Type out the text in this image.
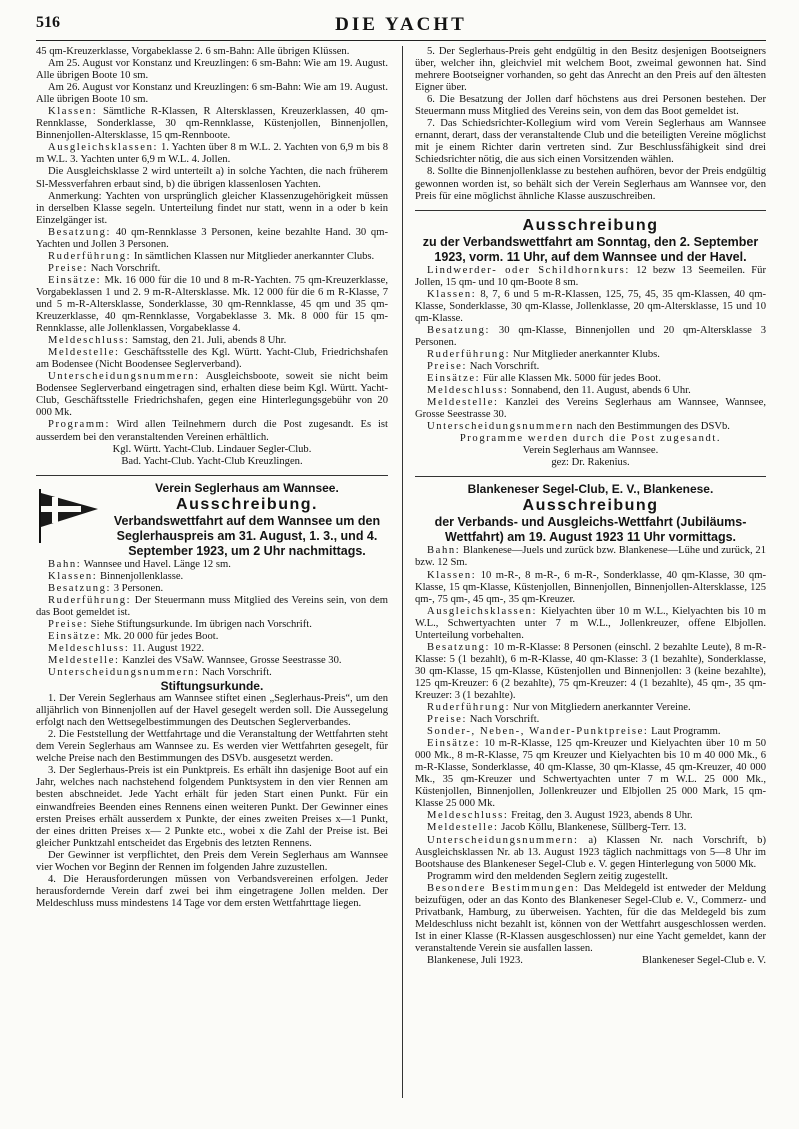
516	DIE YACHT

45 qm-Kreuzerklasse, Vorgabeklasse 2. 6 sm-Bahn: Alle übrigen Klüssen.

Am 25. August vor Konstanz und Kreuzlingen: 6 sm-Bahn: Wie am 19. August. Alle übrigen Boote 10 sm.

Am 26. August vor Konstanz und Kreuzlingen: 6 sm-Bahn: Wie am 19. August. Alle übrigen Boote 10 sm.

Klassen: Sämtliche R-Klassen, R Altersklassen, Kreuzerklassen, 40 qm-Rennklasse, Sonderklasse, 30 qm-Rennklasse, Küstenjollen, Binnenjollen, Binnenjollen-Altersklasse, 15 qm-Rennboote.

Ausgleichsklassen: 1. Yachten über 8 m W.L. 2. Yachten von 6,9 m bis 8 m W.L. 3. Yachten unter 6,9 m W.L. 4. Jollen.

Die Ausgleichsklasse 2 wird unterteilt a) in solche Yachten, die nach früherem Sl-Messverfahren erbaut sind, b) die übrigen klassenlosen Yachten.

Anmerkung: Yachten von ursprünglich gleicher Klassenzugehörigkeit müssen in derselben Klasse segeln. Unterteilung findet nur statt, wenn in a oder b kein Einzelgänger ist.

Besatzung: 40 qm-Rennklasse 3 Personen, keine bezahlte Hand. 30 qm-Yachten und Jollen 3 Personen.

Ruderführung: In sämtlichen Klassen nur Mitglieder anerkannter Clubs.

Preise: Nach Vorschrift.

Einsätze: Mk. 16 000 für die 10 und 8 m-R-Yachten. 75 qm-Kreuzerklasse, Vorgabeklassen 1 und 2. 9 m-R-Altersklasse. Mk. 12 000 für die 6 m R-Klasse, 7 und 5 m-R-Altersklasse, Sonderklasse, 30 qm-Rennklasse, 45 qm und 35 qm-Kreuzerklasse, 40 qm-Rennklasse, Vorgabeklasse 3. Mk. 8 000 für 15 qm-Rennklasse, alle Jollenklassen, Vorgabeklasse 4.

Meldeschluss: Samstag, den 21. Juli, abends 8 Uhr.

Meldestelle: Geschäftsstelle des Kgl. Württ. Yacht-Club, Friedrichshafen am Bodensee (Nicht Boodensee Seglerverband).

Unterscheidungsnummern: Ausgleichsboote, soweit sie nicht beim Bodensee Seglerverband eingetragen sind, erhalten diese beim Kgl. Württ. Yacht-Club, Geschäftsstelle Friedrichshafen, gegen eine Hinterlegungsgebühr von 20 000 Mk.

Programm: Wird allen Teilnehmern durch die Post zugesandt. Es ist ausserdem bei den veranstaltenden Vereinen erhältlich.

Kgl. Württ. Yacht-Club. Lindauer Segler-Club.

Bad. Yacht-Club. Yacht-Club Kreuzlingen.

Verein Seglerhaus am Wannsee.
Ausschreibung.
Verbandswettfahrt auf dem Wannsee um den Seglerhauspreis am 31. August, 1. 3., und 4. September 1923, um 2 Uhr nachmittags.

Bahn: Wannsee und Havel. Länge 12 sm.

Klassen: Binnenjollenklasse.

Besatzung: 3 Personen.

Ruderführung: Der Steuermann muss Mitglied des Vereins sein, von dem das Boot gemeldet ist.

Preise: Siehe Stiftungsurkunde. Im übrigen nach Vorschrift.

Einsätze: Mk. 20 000 für jedes Boot.

Meldeschluss: 11. August 1922.

Meldestelle: Kanzlei des VSaW. Wannsee, Grosse Seestrasse 30.

Unterscheidungsnummern: Nach Vorschrift.

Stiftungsurkunde.

1. Der Verein Seglerhaus am Wannsee stiftet einen „Seglerhaus-Preis“, um den alljährlich von Binnenjollen auf der Havel gesegelt werden soll. Die Aussegelung erfolgt nach den Wettsegelbestimmungen des Deutschen Seglerverbandes.

2. Die Feststellung der Wettfahrtage und die Veranstaltung der Wettfahrten steht dem Verein Seglerhaus am Wannsee zu. Es werden vier Wettfahrten gesegelt, für welche Preise nach den Bestimmungen des DSVb. ausgesetzt werden.

3. Der Seglerhaus-Preis ist ein Punktpreis. Es erhält ihn dasjenige Boot auf ein Jahr, welches nach nachstehend folgendem Punktsystem in den vier Rennen am besten abschneidet. Jede Yacht erhält für jeden Start einen Punkt. Für ein einwandfreies Beenden eines Rennens einen weiteren Punkt. Der Gewinner eines ersten Preises erhält ausserdem x Punkte, der eines zweiten Preises x—1 Punkt, der eines dritten Preises x— 2 Punkte etc., wobei x die Zahl der Preise ist. Bei gleicher Punktzahl entscheidet das Ergebnis des letzten Rennens.

Der Gewinner ist verpflichtet, den Preis dem Verein Seglerhaus am Wannsee vier Wochen vor Beginn der Rennen im folgenden Jahre zuzustellen.

4. Die Herausforderungen müssen von Verbandsvereinen erfolgen. Jeder herausfordernde Verein darf zwei bei ihm eingetragene Jollen melden. Der Meldeschluss muss mindestens 14 Tage vor dem ersten Wettfahrttage liegen.

5. Der Seglerhaus-Preis geht endgültig in den Besitz desjenigen Bootseigners über, welcher ihn, gleichviel mit welchem Boot, zweimal gewonnen hat. Sind mehrere Bootseigner vorhanden, so geht das Anrecht an den Preis auf den ältesten Eigner über.

6. Die Besatzung der Jollen darf höchstens aus drei Personen bestehen. Der Steuermann muss Mitglied des Vereins sein, von dem das Boot gemeldet ist.

7. Das Schiedsrichter-Kollegium wird vom Verein Seglerhaus am Wannsee ernannt, derart, dass der veranstaltende Club und die beteiligten Vereine möglichst mit je einem Richter darin vertreten sind. Zur Beschlussfähigkeit sind drei Schiedsrichter nötig, die aus sich einen Vorsitzenden wählen.

8. Sollte die Binnenjollenklasse zu bestehen aufhören, bevor der Preis endgültig gewonnen worden ist, so behält sich der Verein Seglerhaus am Wannsee vor, den Preis für eine möglichst ähnliche Klasse auszuschreiben.

Ausschreibung
zu der Verbandswettfahrt am Sonntag, den 2. September 1923, vorm. 11 Uhr, auf dem Wannsee und der Havel.

Lindwerder- oder Schildhornkurs: 12 bezw 13 Seemeilen. Für Jollen, 15 qm- und 10 qm-Boote 8 sm.

Klassen: 8, 7, 6 und 5 m-R-Klassen, 125, 75, 45, 35 qm-Klassen, 40 qm-Klasse, Sonderklasse, 30 qm-Klasse, Jollenklasse, 20 qm-Altersklasse, 15 und 10 qm-Klasse.

Besatzung: 30 qm-Klasse, Binnenjollen und 20 qm-Altersklasse 3 Personen.

Ruderführung: Nur Mitglieder anerkannter Klubs.

Preise: Nach Vorschrift.

Einsätze: Für alle Klassen Mk. 5000 für jedes Boot.

Meldeschluss: Sonnabend, den 11. August, abends 6 Uhr.

Meldestelle: Kanzlei des Vereins Seglerhaus am Wannsee, Wannsee, Grosse Seestrasse 30.

Unterscheidungsnummern nach den Bestimmungen des DSVb.

Programme werden durch die Post zugesandt.

Verein Seglerhaus am Wannsee.

gez: Dr. Rakenius.

Blankeneser Segel-Club, E. V., Blankenese.
Ausschreibung
der Verbands- und Ausgleichs-Wettfahrt (Jubiläums-Wettfahrt) am 19. August 1923 11 Uhr vormittags.

Bahn: Blankenese—Juels und zurück bzw. Blankenese—Lühe und zurück, 21 bzw. 12 Sm.

Klassen: 10 m-R-, 8 m-R-, 6 m-R-, Sonderklasse, 40 qm-Klasse, 30 qm-Klasse, 15 qm-Klasse, Küstenjollen, Binnenjollen, Binnenjollen-Altersklasse, 125 qm-, 75 qm-, 45 qm-, 35 qm-Kreuzer.

Ausgleichsklassen: Kielyachten über 10 m W.L., Kielyachten bis 10 m W.L., Schwertyachten unter 7 m W.L., Jollenkreuzer, offene Elbjollen. Unterteilung vorbehalten.

Besatzung: 10 m-R-Klasse: 8 Personen (einschl. 2 bezahlte Leute), 8 m-R-Klasse: 5 (1 bezahlt), 6 m-R-Klasse, 40 qm-Klasse: 3 (1 bezahlte), Sonderklasse, 30 qm-Klasse, 15 qm-Klasse, Küstenjollen und Binnenjollen: 3 (keine bezahlte), 125 qm-Kreuzer: 6 (2 bezahlte), 75 qm-Kreuzer: 4 (1 bezahlte), 45 qm-, 35 qm-Kreuzer: 3 (1 bezahlte).

Ruderführung: Nur von Mitgliedern anerkannter Vereine.

Preise: Nach Vorschrift.

Sonder-, Neben-, Wander-Punktpreise: Laut Programm.

Einsätze: 10 m-R-Klasse, 125 qm-Kreuzer und Kielyachten über 10 m 50 000 Mk., 8 m-R-Klasse, 75 qm Kreuzer und Kielyachten bis 10 m 40 000 Mk., 6 m-R-Klasse, Sonderklasse, 40 qm-Klasse, 30 qm-Klasse, 45 qm-Kreuzer, 40 000 Mk., 35 qm-Kreuzer und Schwertyachten unter 7 m W.L. 25 000 Mk., Küstenjollen, Binnenjollen, Jollenkreuzer und Elbjollen 25 000 Mark, 15 qm-Klasse 25 000 Mk.

Meldeschluss: Freitag, den 3. August 1923, abends 8 Uhr.

Meldestelle: Jacob Köllu, Blankenese, Süllberg-Terr. 13.

Unterscheidungsnummern: a) Klassen Nr. nach Vorschrift, b) Ausgleichsklassen Nr. ab 13. August 1923 täglich nachmittags von 5—8 Uhr im Bootshause des Blankeneser Segel-Club e. V. gegen Hinterlegung von 5000 Mk.

Programm wird den meldenden Seglern zeitig zugestellt.

Besondere Bestimmungen: Das Meldegeld ist entweder der Meldung beizufügen, oder an das Konto des Blankeneser Segel-Club e. V., Commerz- und Privatbank, Hamburg, zu überweisen. Yachten, für die das Meldegeld bis zum Meldeschluss nicht bezahlt ist, können von der Wettfahrt ausgeschlossen werden. Ist in einer Klasse (R-Klassen ausgeschlossen) nur eine Yacht gemeldet, kann der veranstaltende Verein sie ausfallen lassen.

Blankenese, Juli 1923.	Blankeneser Segel-Club e. V.
